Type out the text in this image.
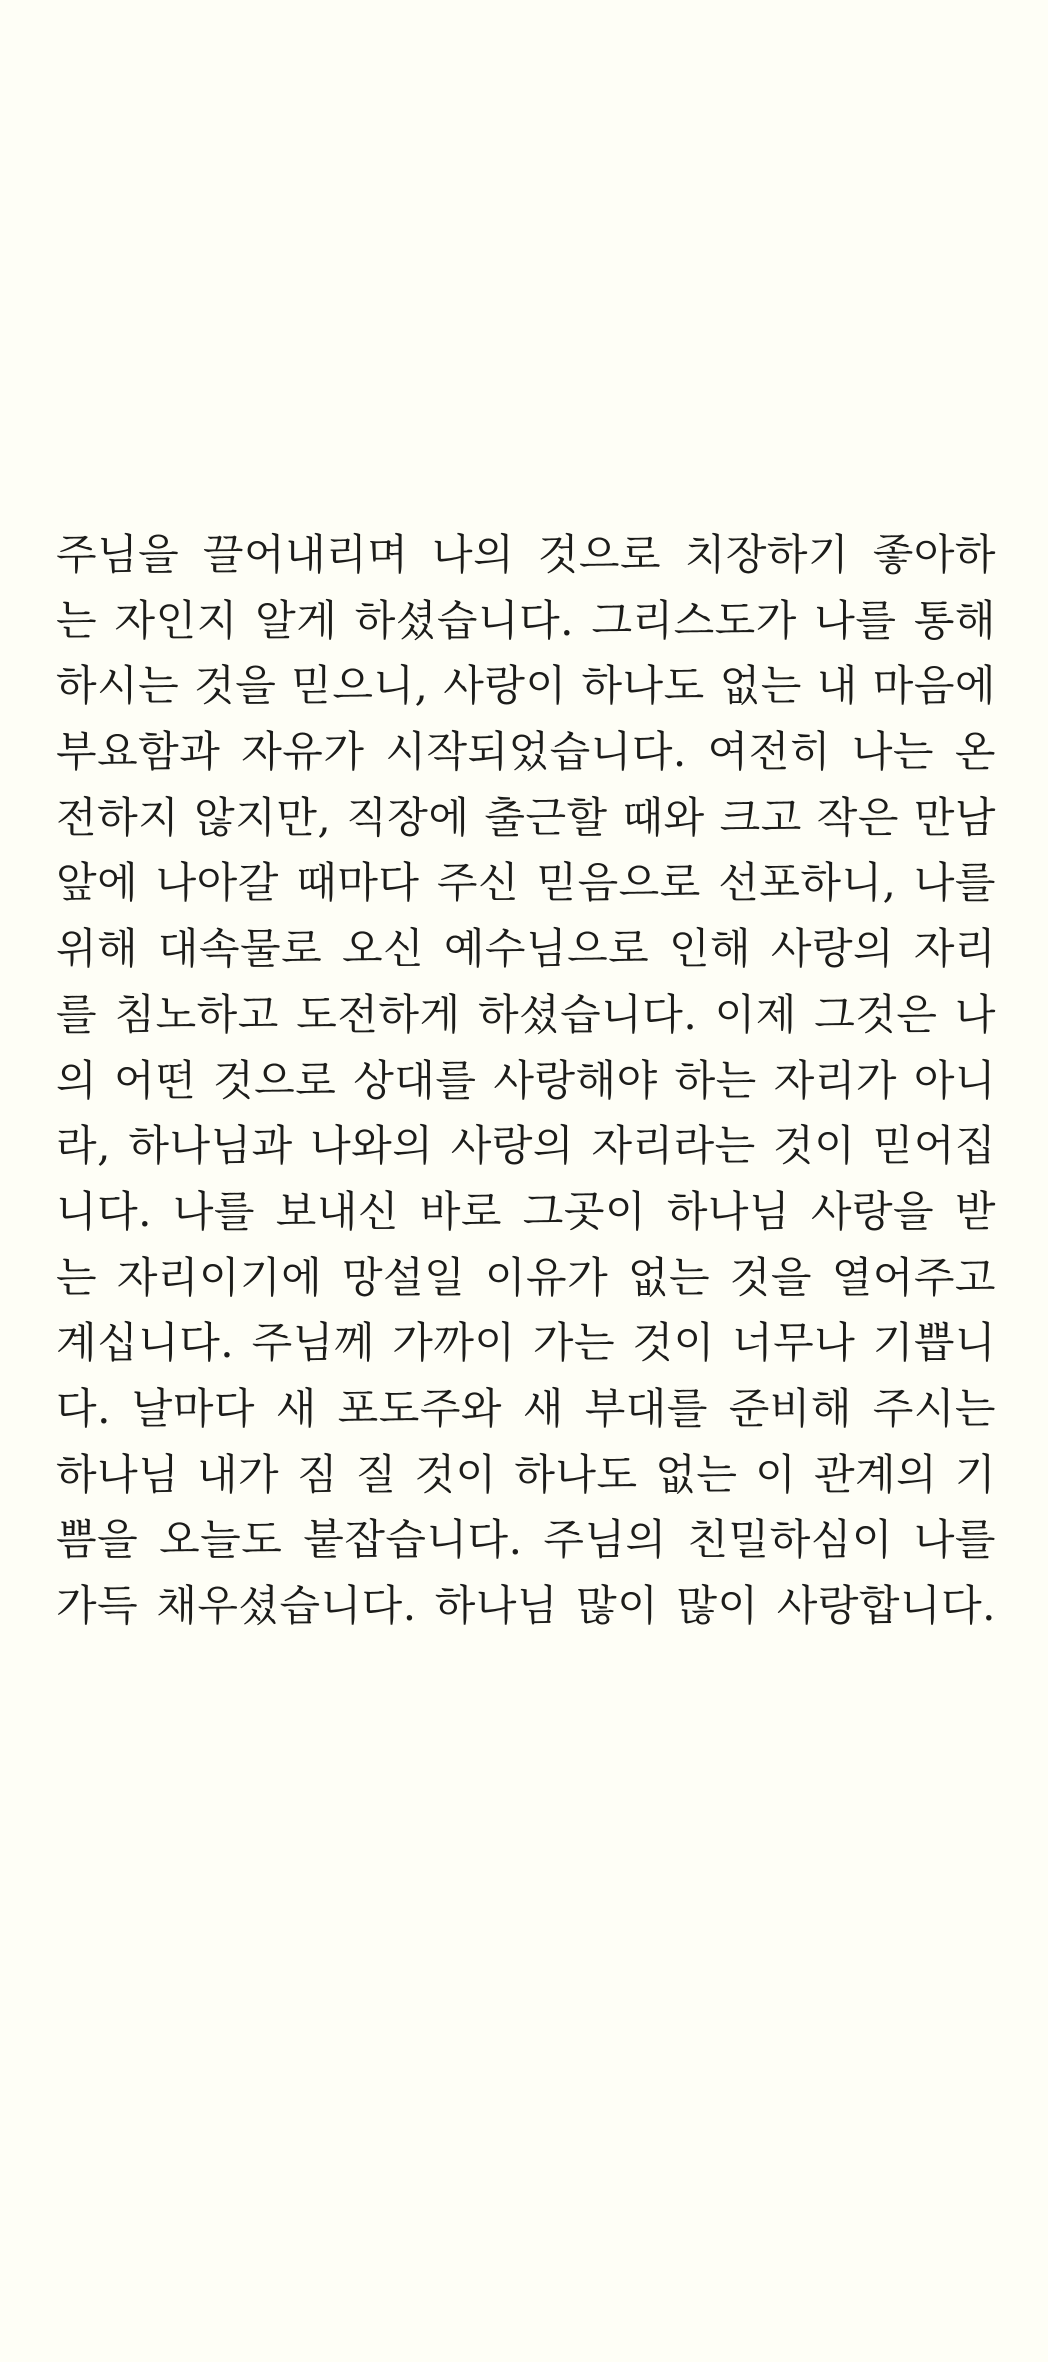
주님을 끌어내리며 나의 것으로 치장하기 좋아하
는 자인지 알게 하셨습니다. 그리스도가 나를 통해
하시는 것을 믿으니, 사랑이 하나도 없는 내 마음에
부요함과 자유가 시작되었습니다. 여전히 나는 온
전하지 않지만, 직장에 출근할 때와 크고 작은 만남
앞에 나아갈 때마다 주신 믿음으로 선포하니, 나를
위해 대속물로 오신 예수님으로 인해 사랑의 자리
를 침노하고 도전하게 하셨습니다. 이제 그것은 나
의 어떤 것으로 상대를 사랑해야 하는 자리가 아니
라, 하나님과 나와의 사랑의 자리라는 것이 믿어집
니다. 나를 보내신 바로 그곳이 하나님 사랑을 받
는 자리이기에 망설일 이유가 없는 것을 열어주고
계십니다. 주님께 가까이 가는 것이 너무나 기쁩니
다. 날마다 새 포도주와 새 부대를 준비해 주시는
하나님 내가 짐 질 것이 하나도 없는 이 관계의 기
쁨을 오늘도 붙잡습니다. 주님의 친밀하심이 나를
가득 채우셨습니다. 하나님 많이 많이 사랑합니다.
